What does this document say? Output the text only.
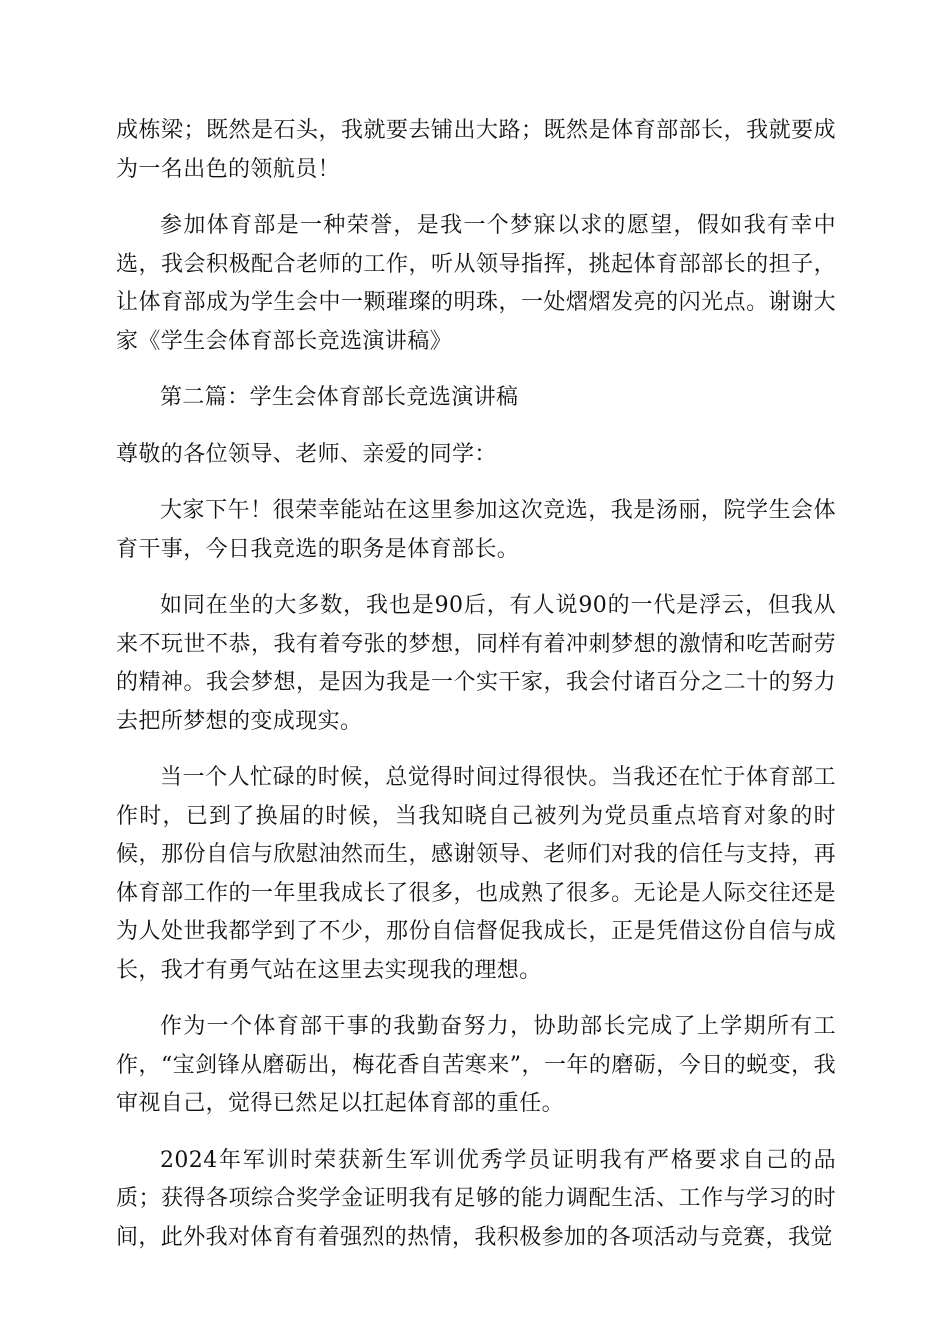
成栋梁；既然是石头，我就要去铺出大路；既然是体育部部长，我就要成为一名出色的领航员！

参加体育部是一种荣誉，是我一个梦寐以求的愿望，假如我有幸中选，我会积极配合老师的工作，听从领导指挥，挑起体育部部长的担子，让体育部成为学生会中一颗璀璨的明珠，一处熠熠发亮的闪光点。谢谢大家《学生会体育部长竞选演讲稿》

第二篇：学生会体育部长竞选演讲稿

尊敬的各位领导、老师、亲爱的同学：

大家下午！很荣幸能站在这里参加这次竞选，我是汤丽，院学生会体育干事，今日我竞选的职务是体育部长。

如同在坐的大多数，我也是90后，有人说90的一代是浮云，但我从来不玩世不恭，我有着夸张的梦想，同样有着冲刺梦想的激情和吃苦耐劳的精神。我会梦想，是因为我是一个实干家，我会付诸百分之二十的努力去把所梦想的变成现实。

当一个人忙碌的时候，总觉得时间过得很快。当我还在忙于体育部工作时，已到了换届的时候，当我知晓自己被列为党员重点培育对象的时候，那份自信与欣慰油然而生，感谢领导、老师们对我的信任与支持，再体育部工作的一年里我成长了很多，也成熟了很多。无论是人际交往还是为人处世我都学到了不少，那份自信督促我成长，正是凭借这份自信与成长，我才有勇气站在这里去实现我的理想。

作为一个体育部干事的我勤奋努力，协助部长完成了上学期所有工作，“宝剑锋从磨砺出，梅花香自苦寒来”，一年的磨砺，今日的蜕变，我审视自己，觉得已然足以扛起体育部的重任。

2024年军训时荣获新生军训优秀学员证明我有严格要求自己的品质；获得各项综合奖学金证明我有足够的能力调配生活、工作与学习的时间，此外我对体育有着强烈的热情，我积极参加的各项活动与竞赛，我觉
